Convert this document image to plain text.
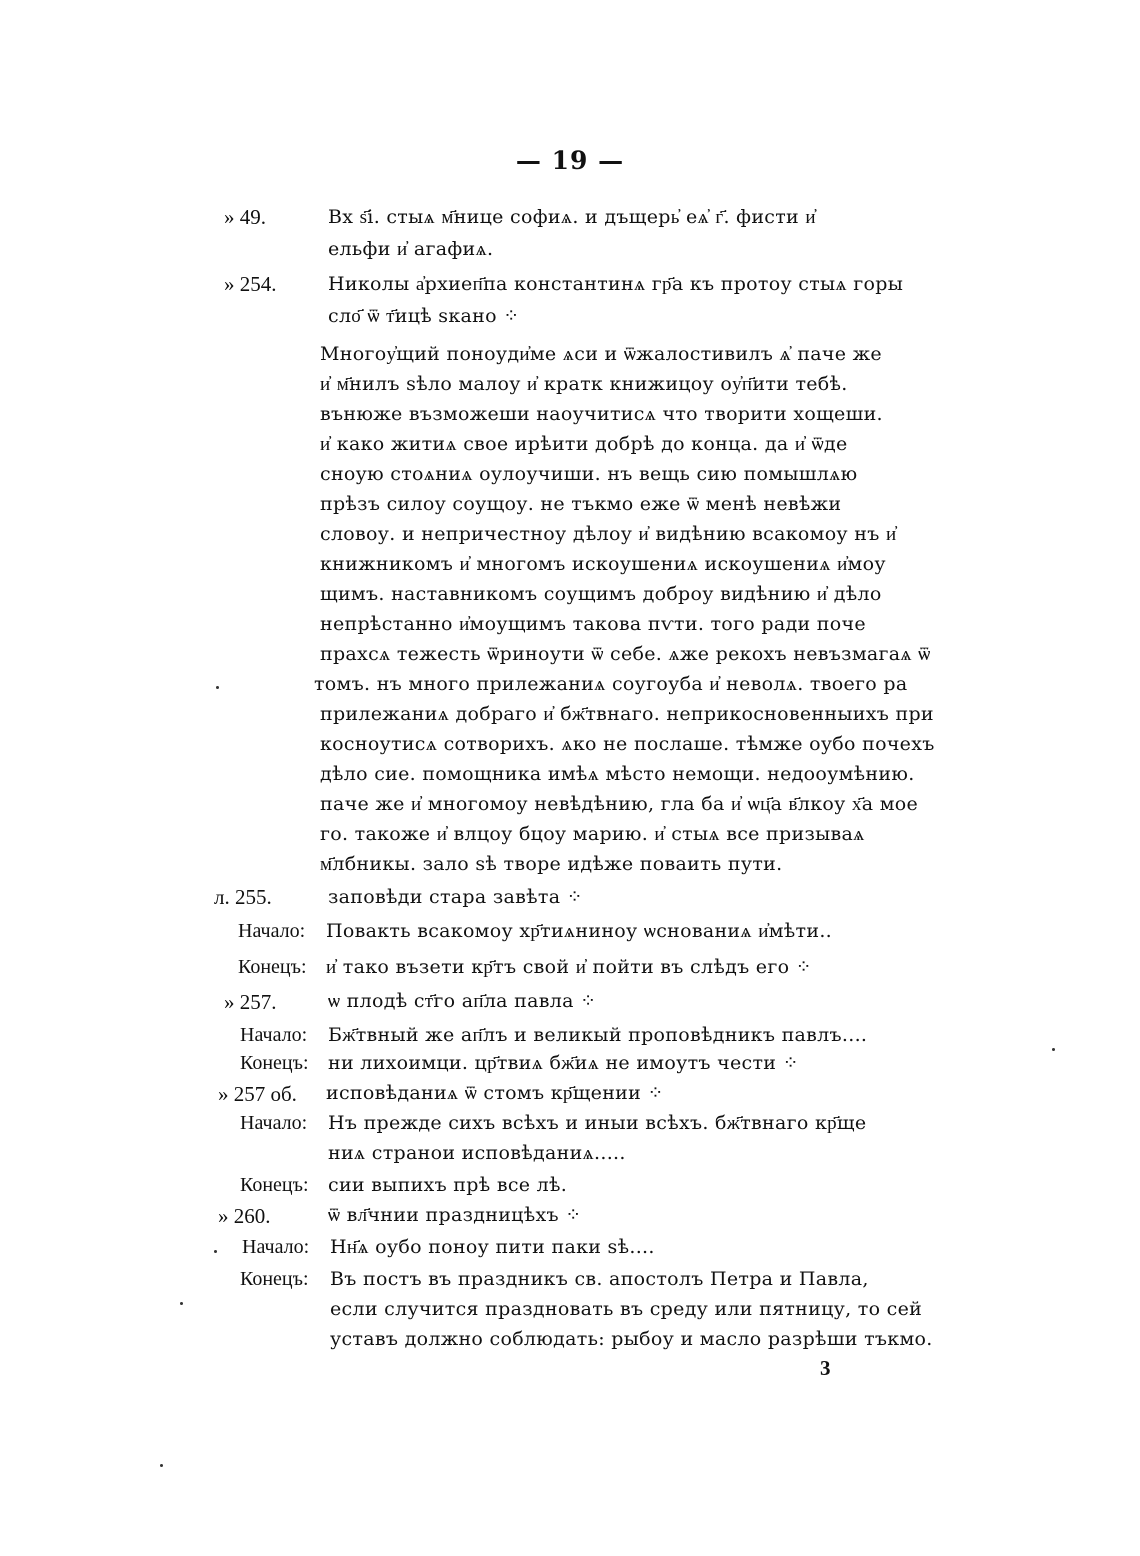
— 19 —
» 49.	Вх ѕ҃і. стыѧ м҃нице софиѧ. и дъщерь҆ еѧ҆ г҃. фисти и҆
ельфи и҆ агафиѧ.
» 254.	Николы а҆рхиеп҃па константинѧ гр҃а къ протоу стыѧ горы
сло҃ ѿ т҃ицѣ ѕкано ⁘
Многоу҆щий поноуди҆ме ѧси и ѿжалостивилъ ѧ҆ паче же
и҆ м҃нилъ ѕѣло малоу и҆ кратк книжицоу оу҆п҃ити тебѣ.
вънюже възможеши наоучитисѧ что творити хощеши.
и҆ како житиѧ свое ирѣити добрѣ до конца. да и҆ ѿде
сноую стоѧниѧ оулоучиши. нъ вещь сию помышлѧю
прѣзъ силоу соущоу. не тъкмо еже ѿ менѣ невѣжи
словоу. и непричестноу дѣлоу и҆ видѣнию всакомоу нъ и҆
книжникомъ и҆ многомъ искоушениѧ искоушениѧ и҆моу
щимъ. наставникомъ соущимъ доброу видѣнию и҆ дѣло
непрѣстанно и҆моущимъ такова пѵти. того ради поче
прахсѧ тежесть ѿриноути ѿ себе. ѧже рекохъ невъзмагаѧ ѿ
томъ. нъ много прилежаниѧ соугоуба и҆ неволѧ. твоего ра
прилежаниѧ добраго и҆ бж҃твнаго. неприкосновенныихъ при
косноутисѧ сотворихъ. ѧко не послаше. тѣмже оубо почехъ
дѣло сие. помощника имѣѧ мѣсто немощи. недооумѣнию.
паче же и҆ многомоу невѣдѣнию, гла ба и҆ ѡц҃а в҃лкоу х҃а мое
го. такоже и҆ влцоу бцоу марию. и҆ стыѧ все призываѧ
м҃лбникы. зало ѕѣ творе идѣже поваить пути.
л. 255.	заповѣди стара завѣта ⁘
Начало: Повакть всакомоу хр҃тиѧниноу ѡснованиѧ и҆мѣти..
Конецъ: и҆ тако възети кр҃тъ свой и҆ пойти въ слѣдъ его ⁘
» 257.	ѡ плодѣ ст҃го ап҃ла павла ⁘
Начало: Бж҃твный же ап҃лъ и великый проповѣдникъ павлъ....
Конецъ: ни лихоимци. цр҃твиѧ бж҃иѧ не имоутъ чести ⁘
» 257 об. исповѣданиѧ ѿ стомъ кр҃щении ⁘
Начало: Нъ прежде сихъ всѣхъ и иныи всѣхъ. бж҃твнаго кр҃ще
ниѧ странои исповѣданиѧ.....
Конецъ: сии выпихъ прѣ все лѣ.
» 260.	ѿ вл҃чнии праздницѣхъ ⁘
Начало: Нн҃ѧ оубо поноу пити паки ѕѣ....
Конецъ: Въ постъ въ праздникъ св. апостолъ Петра и Павла,
если случится праздновать въ среду или пятницу, то сей
уставъ должно соблюдать: рыбоу и масло разрѣши тъкмо.
3
